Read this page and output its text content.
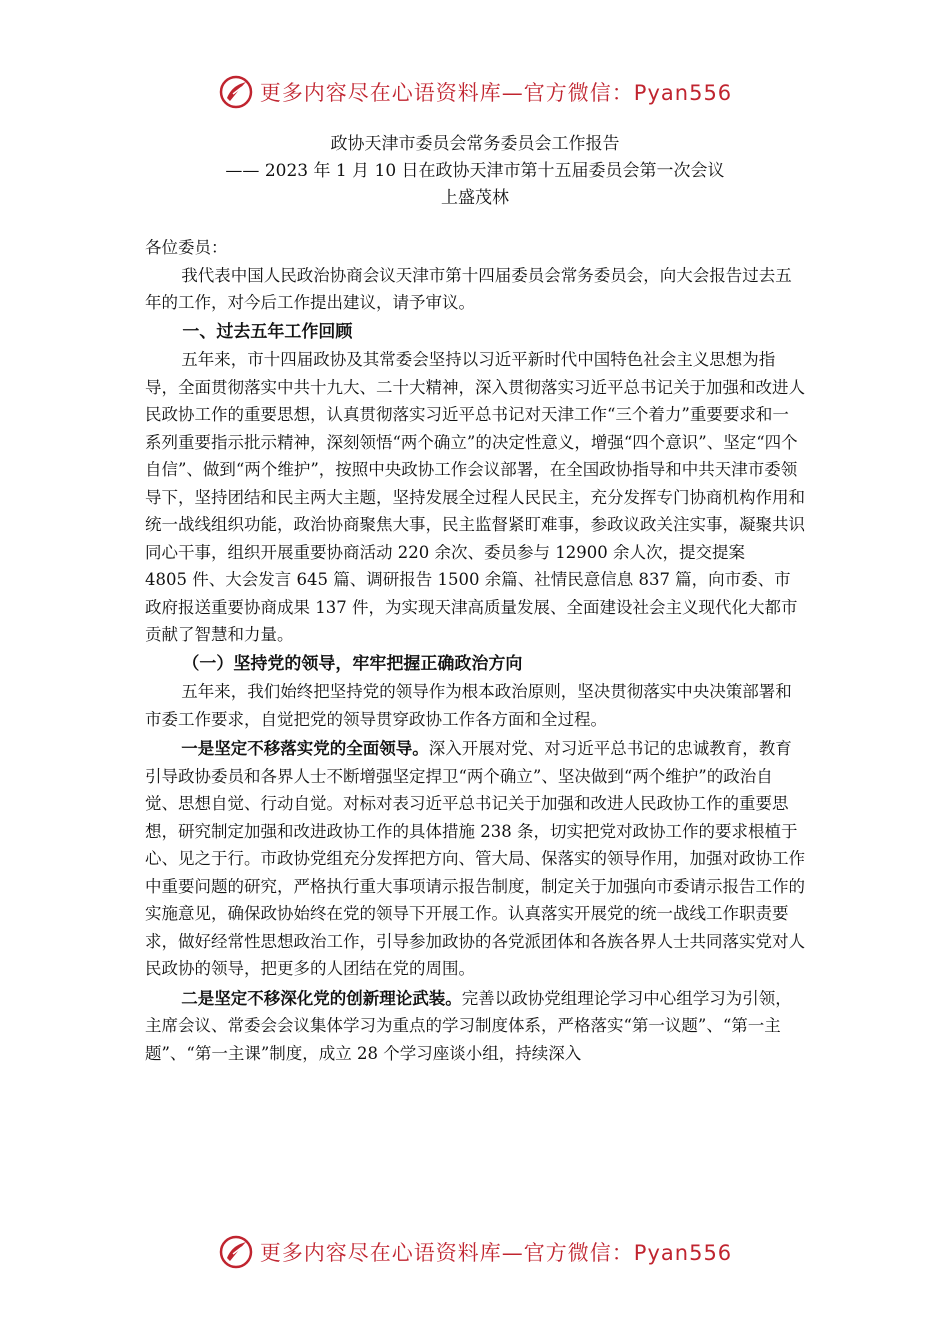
更多内容尽在心语资料库—官方微信：Pyan556
政协天津市委员会常务委员会工作报告
—— 2023 年 1 月 10 日在政协天津市第十五届委员会第一次会议
上盛茂林

各位委员：

我代表中国人民政治协商会议天津市第十四届委员会常务委员会，向大会报告过去五年的工作，对今后工作提出建议，请予审议。

一、过去五年工作回顾

五年来，市十四届政协及其常委会坚持以习近平新时代中国特色社会主义思想为指导，全面贯彻落实中共十九大、二十大精神，深入贯彻落实习近平总书记关于加强和改进人民政协工作的重要思想，认真贯彻落实习近平总书记对天津工作“三个着力”重要要求和一系列重要指示批示精神，深刻领悟“两个确立”的决定性意义，增强“四个意识”、坚定“四个自信”、做到“两个维护”，按照中央政协工作会议部署，在全国政协指导和中共天津市委领导下，坚持团结和民主两大主题，坚持发展全过程人民民主，充分发挥专门协商机构作用和统一战线组织功能，政治协商聚焦大事，民主监督紧盯难事，参政议政关注实事，凝聚共识同心干事，组织开展重要协商活动 220 余次、委员参与 12900 余人次，提交提案

4805 件、大会发言 645 篇、调研报告 1500 余篇、社情民意信息 837 篇，向市委、市政府报送重要协商成果 137 件，为实现天津高质量发展、全面建设社会主义现代化大都市贡献了智慧和力量。

（一）坚持党的领导，牢牢把握正确政治方向

五年来，我们始终把坚持党的领导作为根本政治原则，坚决贯彻落实中央决策部署和市委工作要求，自觉把党的领导贯穿政协工作各方面和全过程。

一是坚定不移落实党的全面领导。深入开展对党、对习近平总书记的忠诚教育，教育引导政协委员和各界人士不断增强坚定捍卫“两个确立”、坚决做到“两个维护”的政治自觉、思想自觉、行动自觉。对标对表习近平总书记关于加强和改进人民政协工作的重要思想，研究制定加强和改进政协工作的具体措施 238 条，切实把党对政协工作的要求根植于心、见之于行。市政协党组充分发挥把方向、管大局、保落实的领导作用，加强对政协工作中重要问题的研究，严格执行重大事项请示报告制度，制定关于加强向市委请示报告工作的实施意见，确保政协始终在党的领导下开展工作。认真落实开展党的统一战线工作职责要求，做好经常性思想政治工作，引导参加政协的各党派团体和各族各界人士共同落实党对人民政协的领导，把更多的人团结在党的周围。

二是坚定不移深化党的创新理论武装。完善以政协党组理论学习中心组学习为引领，主席会议、常委会会议集体学习为重点的学习制度体系，严格落实“第一议题”、“第一主题”、“第一主课”制度，成立 28 个学习座谈小组，持续深入

更多内容尽在心语资料库—官方微信：Pyan556
